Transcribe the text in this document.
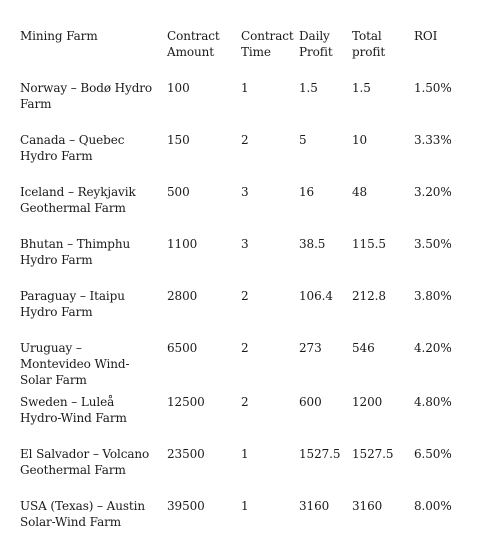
Mining Farm	Contract Amount	Contract Time	Daily Profit	Total profit	ROI
Norway – Bodø Hydro Farm	100	1	1.5	1.5	1.50%
Canada – Quebec Hydro Farm	150	2	5	10	3.33%
Iceland – Reykjavik Geothermal Farm	500	3	16	48	3.20%
Bhutan – Thimphu Hydro Farm	1100	3	38.5	115.5	3.50%
Paraguay – Itaipu Hydro Farm	2800	2	106.4	212.8	3.80%
Uruguay – Montevideo Wind-Solar Farm	6500	2	273	546	4.20%
Sweden – Luleå Hydro-Wind Farm	12500	2	600	1200	4.80%
El Salvador – Volcano Geothermal Farm	23500	1	1527.5	1527.5	6.50%
USA (Texas) – Austin Solar-Wind Farm	39500	1	3160	3160	8.00%
